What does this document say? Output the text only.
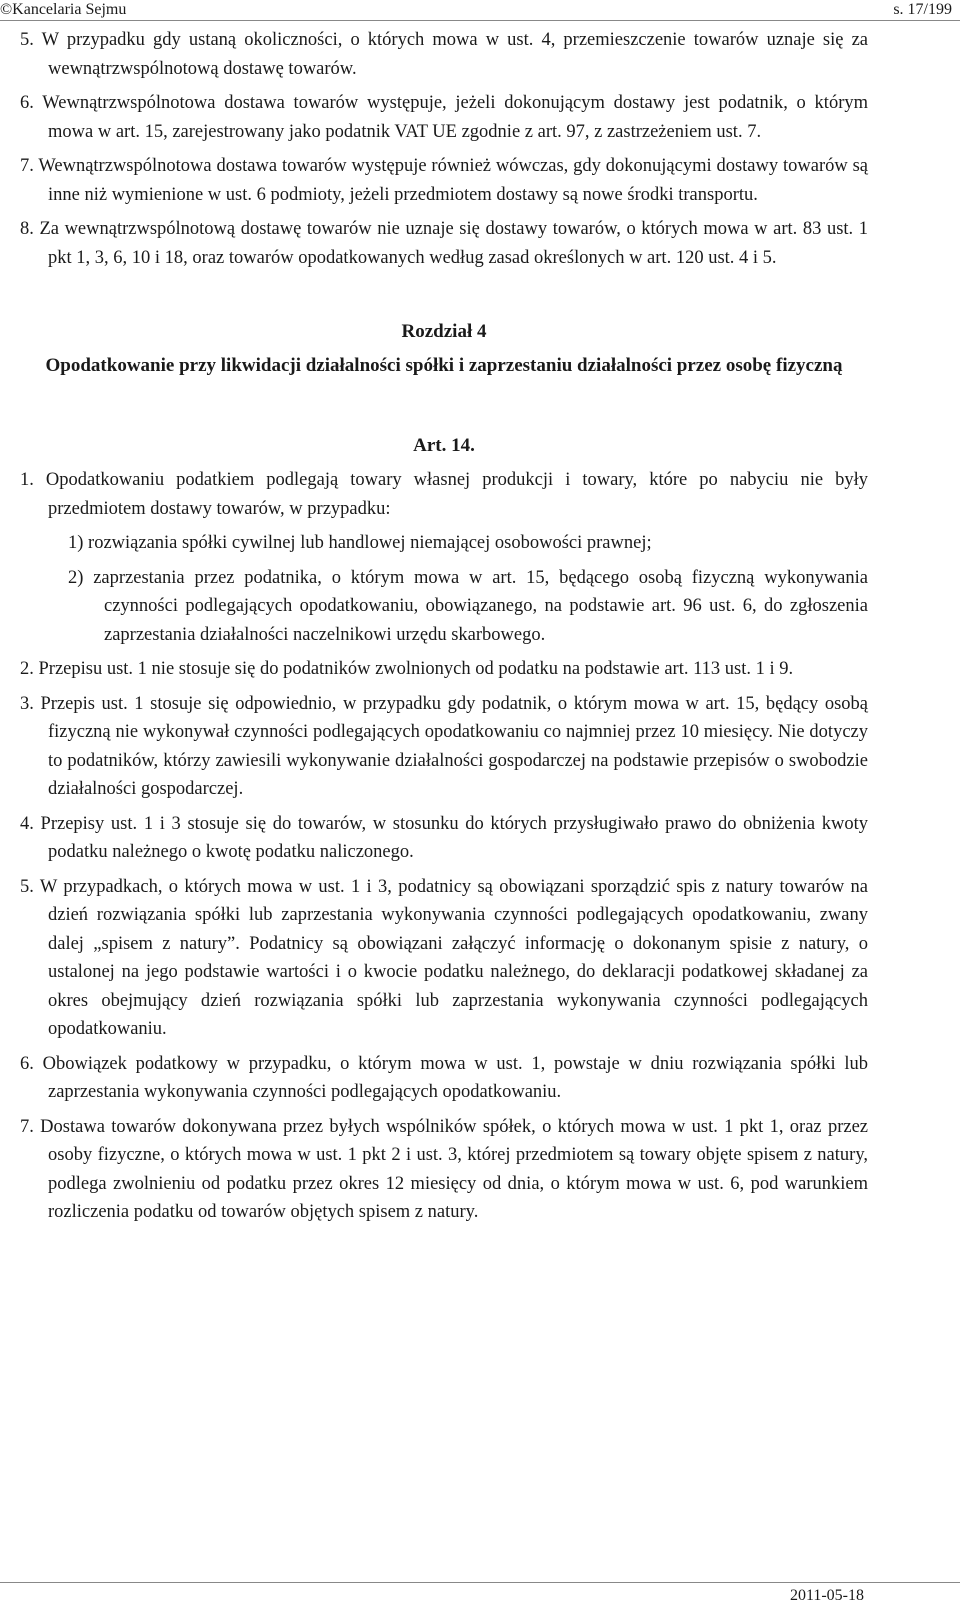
©Kancelaria Sejmu	s. 17/199

5. W przypadku gdy ustaną okoliczności, o których mowa w ust. 4, przemieszczenie towarów uznaje się za wewnątrzwspólnotową dostawę towarów.

6. Wewnątrzwspólnotowa dostawa towarów występuje, jeżeli dokonującym dostawy jest podatnik, o którym mowa w art. 15, zarejestrowany jako podatnik VAT UE zgodnie z art. 97, z zastrzeżeniem ust. 7.

7. Wewnątrzwspólnotowa dostawa towarów występuje również wówczas, gdy dokonującymi dostawy towarów są inne niż wymienione w ust. 6 podmioty, jeżeli przedmiotem dostawy są nowe środki transportu.

8. Za wewnątrzwspólnotową dostawę towarów nie uznaje się dostawy towarów, o których mowa w art. 83 ust. 1 pkt 1, 3, 6, 10 i 18, oraz towarów opodatkowanych według zasad określonych w art. 120 ust. 4 i 5.

Rozdział 4

Opodatkowanie przy likwidacji działalności spółki i zaprzestaniu działalności przez osobę fizyczną

Art. 14.

1. Opodatkowaniu podatkiem podlegają towary własnej produkcji i towary, które po nabyciu nie były przedmiotem dostawy towarów, w przypadku:

1) rozwiązania spółki cywilnej lub handlowej niemającej osobowości prawnej;

2) zaprzestania przez podatnika, o którym mowa w art. 15, będącego osobą fizyczną wykonywania czynności podlegających opodatkowaniu, obowiązanego, na podstawie art. 96 ust. 6, do zgłoszenia zaprzestania działalności naczelnikowi urzędu skarbowego.

2. Przepisu ust. 1 nie stosuje się do podatników zwolnionych od podatku na podstawie art. 113 ust. 1 i 9.

3. Przepis ust. 1 stosuje się odpowiednio, w przypadku gdy podatnik, o którym mowa w art. 15, będący osobą fizyczną nie wykonywał czynności podlegających opodatkowaniu co najmniej przez 10 miesięcy. Nie dotyczy to podatników, którzy zawiesili wykonywanie działalności gospodarczej na podstawie przepisów o swobodzie działalności gospodarczej.

4. Przepisy ust. 1 i 3 stosuje się do towarów, w stosunku do których przysługiwało prawo do obniżenia kwoty podatku należnego o kwotę podatku naliczonego.

5. W przypadkach, o których mowa w ust. 1 i 3, podatnicy są obowiązani sporządzić spis z natury towarów na dzień rozwiązania spółki lub zaprzestania wykonywania czynności podlegających opodatkowaniu, zwany dalej „spisem z natury”. Podatnicy są obowiązani załączyć informację o dokonanym spisie z natury, o ustalonej na jego podstawie wartości i o kwocie podatku należnego, do deklaracji podatkowej składanej za okres obejmujący dzień rozwiązania spółki lub zaprzestania wykonywania czynności podlegających opodatkowaniu.

6. Obowiązek podatkowy w przypadku, o którym mowa w ust. 1, powstaje w dniu rozwiązania spółki lub zaprzestania wykonywania czynności podlegających opodatkowaniu.

7. Dostawa towarów dokonywana przez byłych wspólników spółek, o których mowa w ust. 1 pkt 1, oraz przez osoby fizyczne, o których mowa w ust. 1 pkt 2 i ust. 3, której przedmiotem są towary objęte spisem z natury, podlega zwolnieniu od podatku przez okres 12 miesięcy od dnia, o którym mowa w ust. 6, pod warunkiem rozliczenia podatku od towarów objętych spisem z natury.

2011-05-18
